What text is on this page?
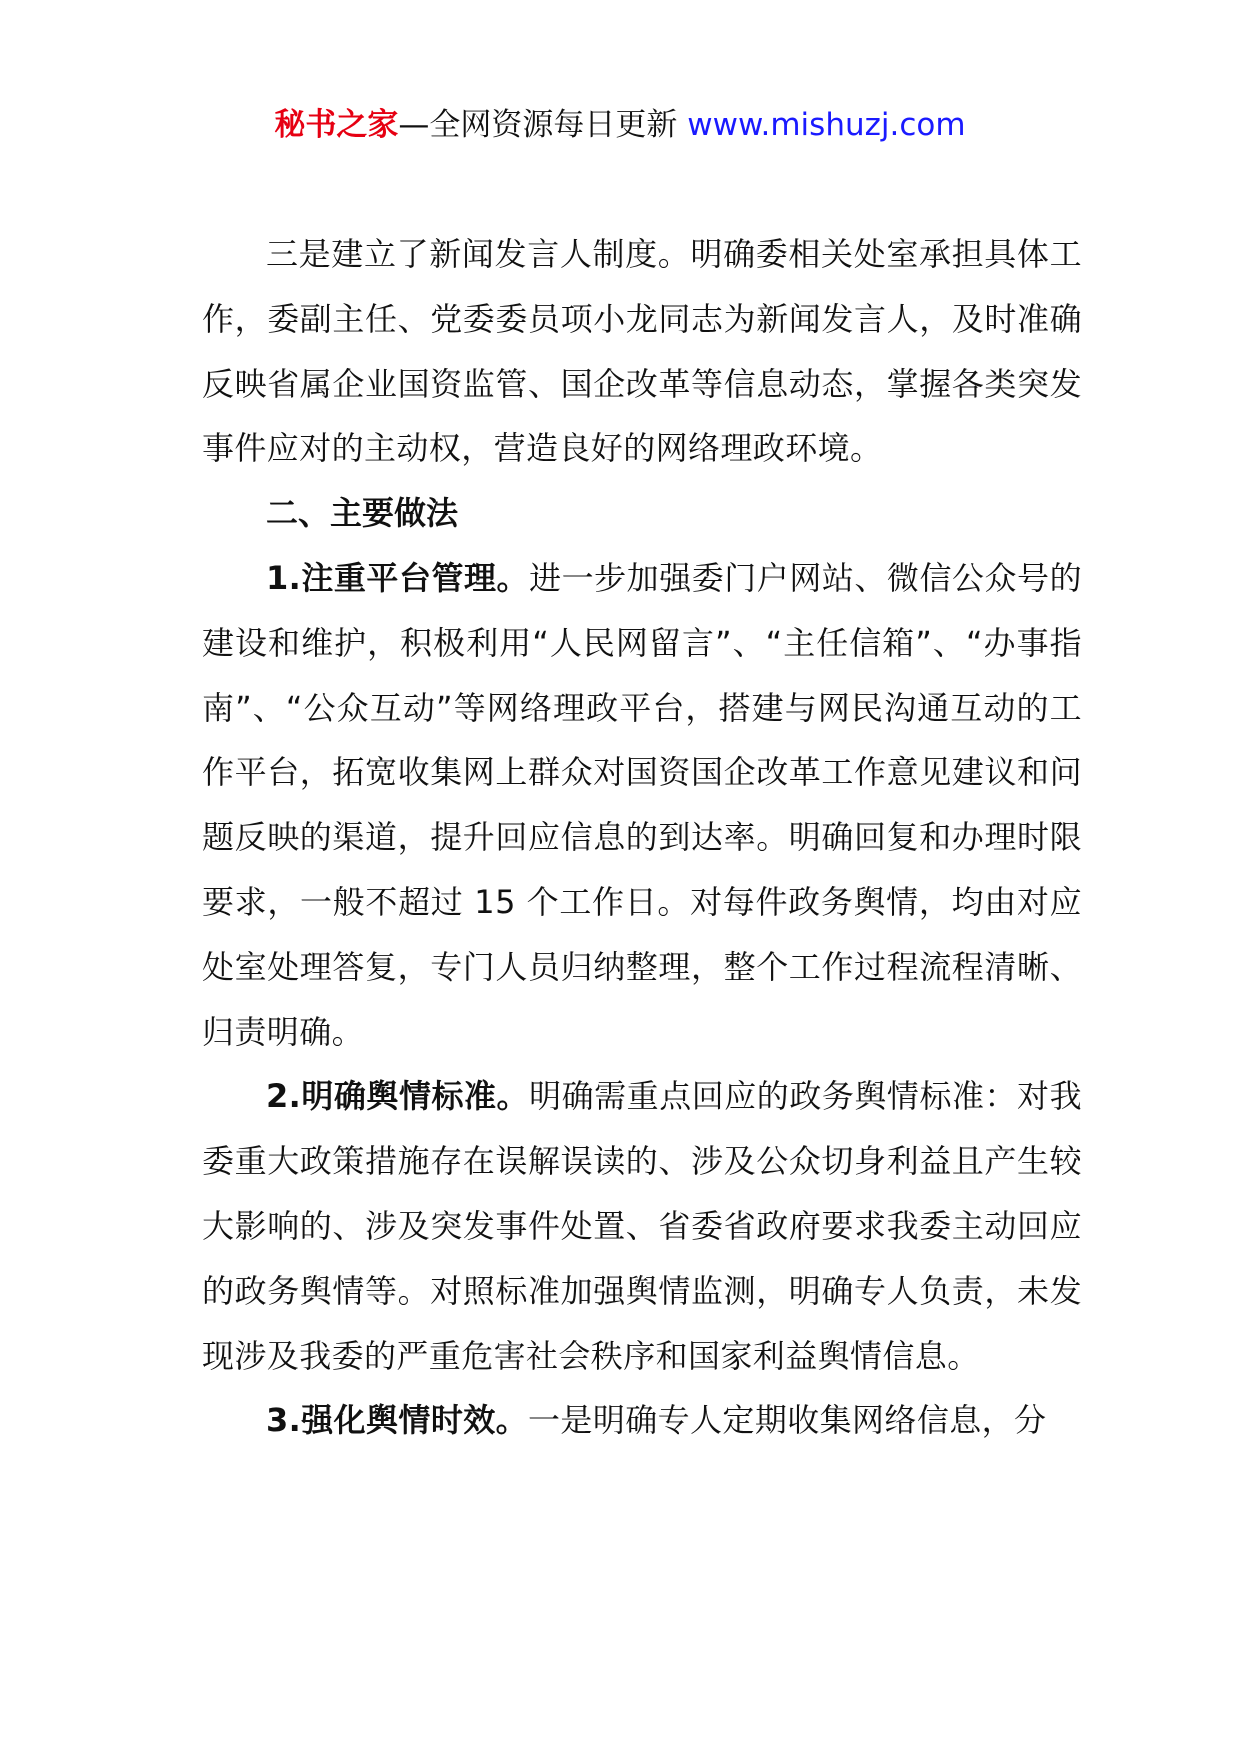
秘书之家—全网资源每日更新 www.mishuzj.com

三是建立了新闻发言人制度。明确委相关处室承担具体工作，委副主任、党委委员项小龙同志为新闻发言人，及时准确反映省属企业国资监管、国企改革等信息动态，掌握各类突发事件应对的主动权，营造良好的网络理政环境。

二、主要做法

1.注重平台管理。进一步加强委门户网站、微信公众号的建设和维护，积极利用“人民网留言”、“主任信箱”、“办事指南”、“公众互动”等网络理政平台，搭建与网民沟通互动的工作平台，拓宽收集网上群众对国资国企改革工作意见建议和问题反映的渠道，提升回应信息的到达率。明确回复和办理时限要求，一般不超过 15 个工作日。对每件政务舆情，均由对应处室处理答复，专门人员归纳整理，整个工作过程流程清晰、归责明确。

2.明确舆情标准。明确需重点回应的政务舆情标准：对我委重大政策措施存在误解误读的、涉及公众切身利益且产生较大影响的、涉及突发事件处置、省委省政府要求我委主动回应的政务舆情等。对照标准加强舆情监测，明确专人负责，未发现涉及我委的严重危害社会秩序和国家利益舆情信息。

3.强化舆情时效。一是明确专人定期收集网络信息，分
